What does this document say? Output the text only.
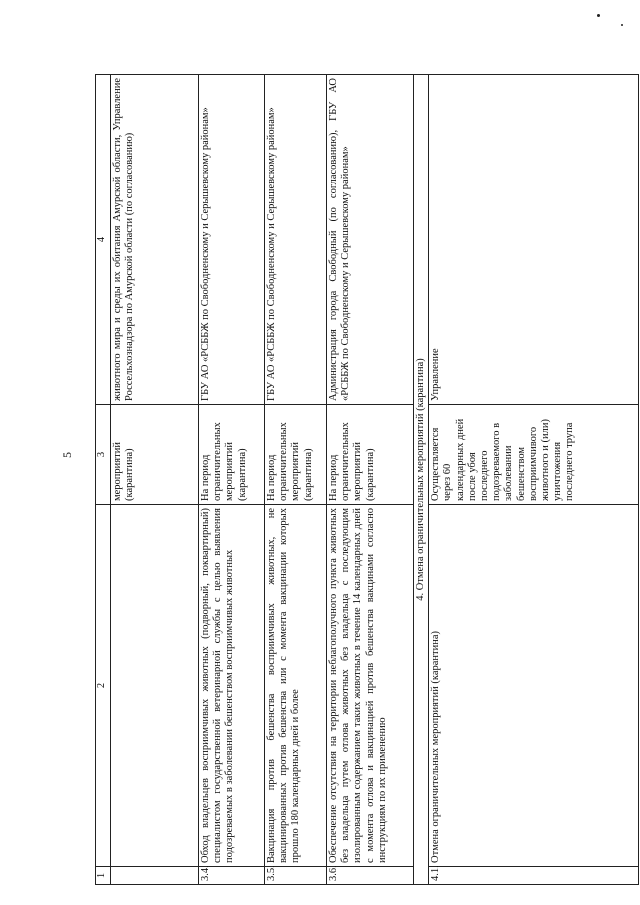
5
1	2	3	4
		мероприятий (карантина)	животного мира и среды их обитания Амурской области, Управление Россельхознадзора по Амурской области (по согласованию)
3.4.	Обход владельцев восприимчивых животных (подворный, поквартирный) специалистом государственной ветеринарной службы с целью выявления подозреваемых в заболевании бешенством восприимчивых животных	На период ограничительных мероприятий (карантина)	ГБУ АО «РСББЖ по Свободненскому и Серышевскому районам»
3.5.	Вакцинация против бешенства восприимчивых животных, не вакцинированных против бешенства или с момента вакцинации которых прошло 180 календарных дней и более	На период ограничительных мероприятий (карантина)	ГБУ АО «РСББЖ по Свободненскому и Серышевскому районам»
3.6.	Обеспечение отсутствия на территории неблагополучного пункта животных без владельца путем отлова животных без владельца с последующим изолированным содержанием таких животных в течение 14 календарных дней с момента отлова и вакцинацией против бешенства вакцинами согласно инструкциям по их применению	На период ограничительных мероприятий (карантина)	Администрация города Свободный (по согласованию), ГБУ АО «РСББЖ по Свободненскому и Серышевскому районам»
4. Отмена ограничительных мероприятий (карантина)			
4.1.	Отмена ограничительных мероприятий (карантина)	Осуществляется через 60 календарных дней после убоя последнего подозреваемого в заболевании бешенством восприимчивого животного и (или) уничтожения последнего трупа	Управление
